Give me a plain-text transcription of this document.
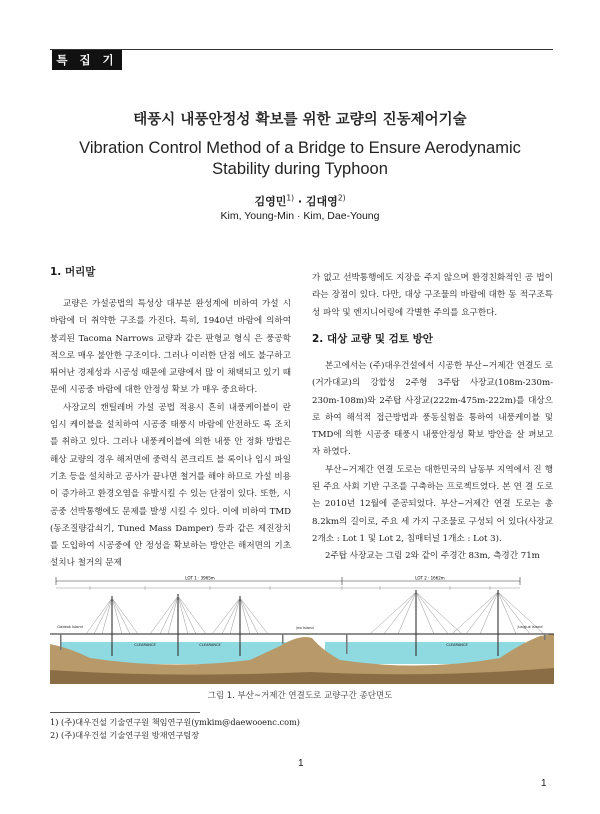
특 집 기 사
태풍시 내풍안정성 확보를 위한 교량의 진동제어기술
Vibration Control Method of a Bridge to Ensure Aerodynamic
Stability during Typhoon
김영민$^{1)}$ · 김대영$^{2)}$
Kim, Young-Min · Kim, Dae-Young
1. 머리말

교량은 가설공법의 특성상 대부분 완성계에 비하여 가설 시 바람에 더 취약한 구조를 가진다. 특히, 1940년 바람에 의하여 붕괴된 Tacoma Narrows 교량과 같은 판형교 형식 은 풍공학적으로 매우 불안한 구조이다. 그러나 이러한 단점 에도 불구하고 뛰어난 경제성과 시공성 때문에 교량에서 많 이 채택되고 있기 때문에 시공중 바람에 대한 안정성 확보 가 매우 중요하다.

사장교의 캔틸레버 가설 공법 적용시 흔히 내풍케이블이 란 임시 케이블을 설치하여 시공중 태풍시 바람에 안전하도 록 조치를 취하고 있다. 그러나 내풍케이블에 의한 내풍 안 정화 방법은 해상 교량의 경우 해저면에 중력식 콘크리트 블 록이나 임시 파일기초 등을 설치하고 공사가 끝나면 철거를 해야 하므로 가설 비용이 증가하고 환경오염을 유발시킬 수 있는 단점이 있다. 또한, 시공중 선박통행에도 문제를 발생 시킬 수 있다. 이에 비하여 TMD (동조질량감쇠기, Tuned Mass Damper) 등과 같은 제진장치를 도입하여 시공중에 안 정성을 확보하는 방안은 해저면의 기초설치나 철거의 문제

가 없고 선박통행에도 지장을 주지 않으며 환경친화적인 공 법이라는 장점이 있다. 다만, 대상 구조물의 바람에 대한 동 적구조특성 파악 및 엔지니어링에 각별한 주의를 요구한다.

2. 대상 교량 및 검토 방안

본고에서는 (주)대우건설에서 시공한 부산~거제간 연결도 로(거가대교)의 강합성 2주형 3주탑 사장교(108m-230m- 230m-108m)와 2주탑 사장교(222m-475m-222m)를 대상으 로 하여 해석적 접근방법과 풍동실험을 통하여 내풍케이블 및 TMD에 의한 시공중 태풍시 내풍안정성 확보 방안을 살 펴보고자 하였다.

부산~거제간 연결 도로는 대한민국의 남동부 지역에서 진 행된 주요 사회 기반 구조를 구축하는 프로젝트였다. 본 연 결 도로는 2010년 12월에 준공되었다. 부산~거제간 연결 도로는 총 8.2km의 길이로, 주요 세 가지 구조물로 구성되 어 있다(사장교 2개소 : Lot 1 및 Lot 2, 침매터널 1개소 : Lot 3).

2주탑 사장교는 그림 2와 같이 주경간 83m, 측경간 71m

LOT 1 · 3965m	LOT 2 · 1662m
CLEARANCE	CLEARANCE	CLEARANCE
Jeo Island	Jungjuk Island
Gadeok Island
그림 1. 부산~거제간 연결도로 교량구간 종단면도
1) (주)대우건설 기술연구원 책임연구원(ymkim@daewooenc.com)
2) (주)대우건설 기술연구원 방재연구팀장
1
1
